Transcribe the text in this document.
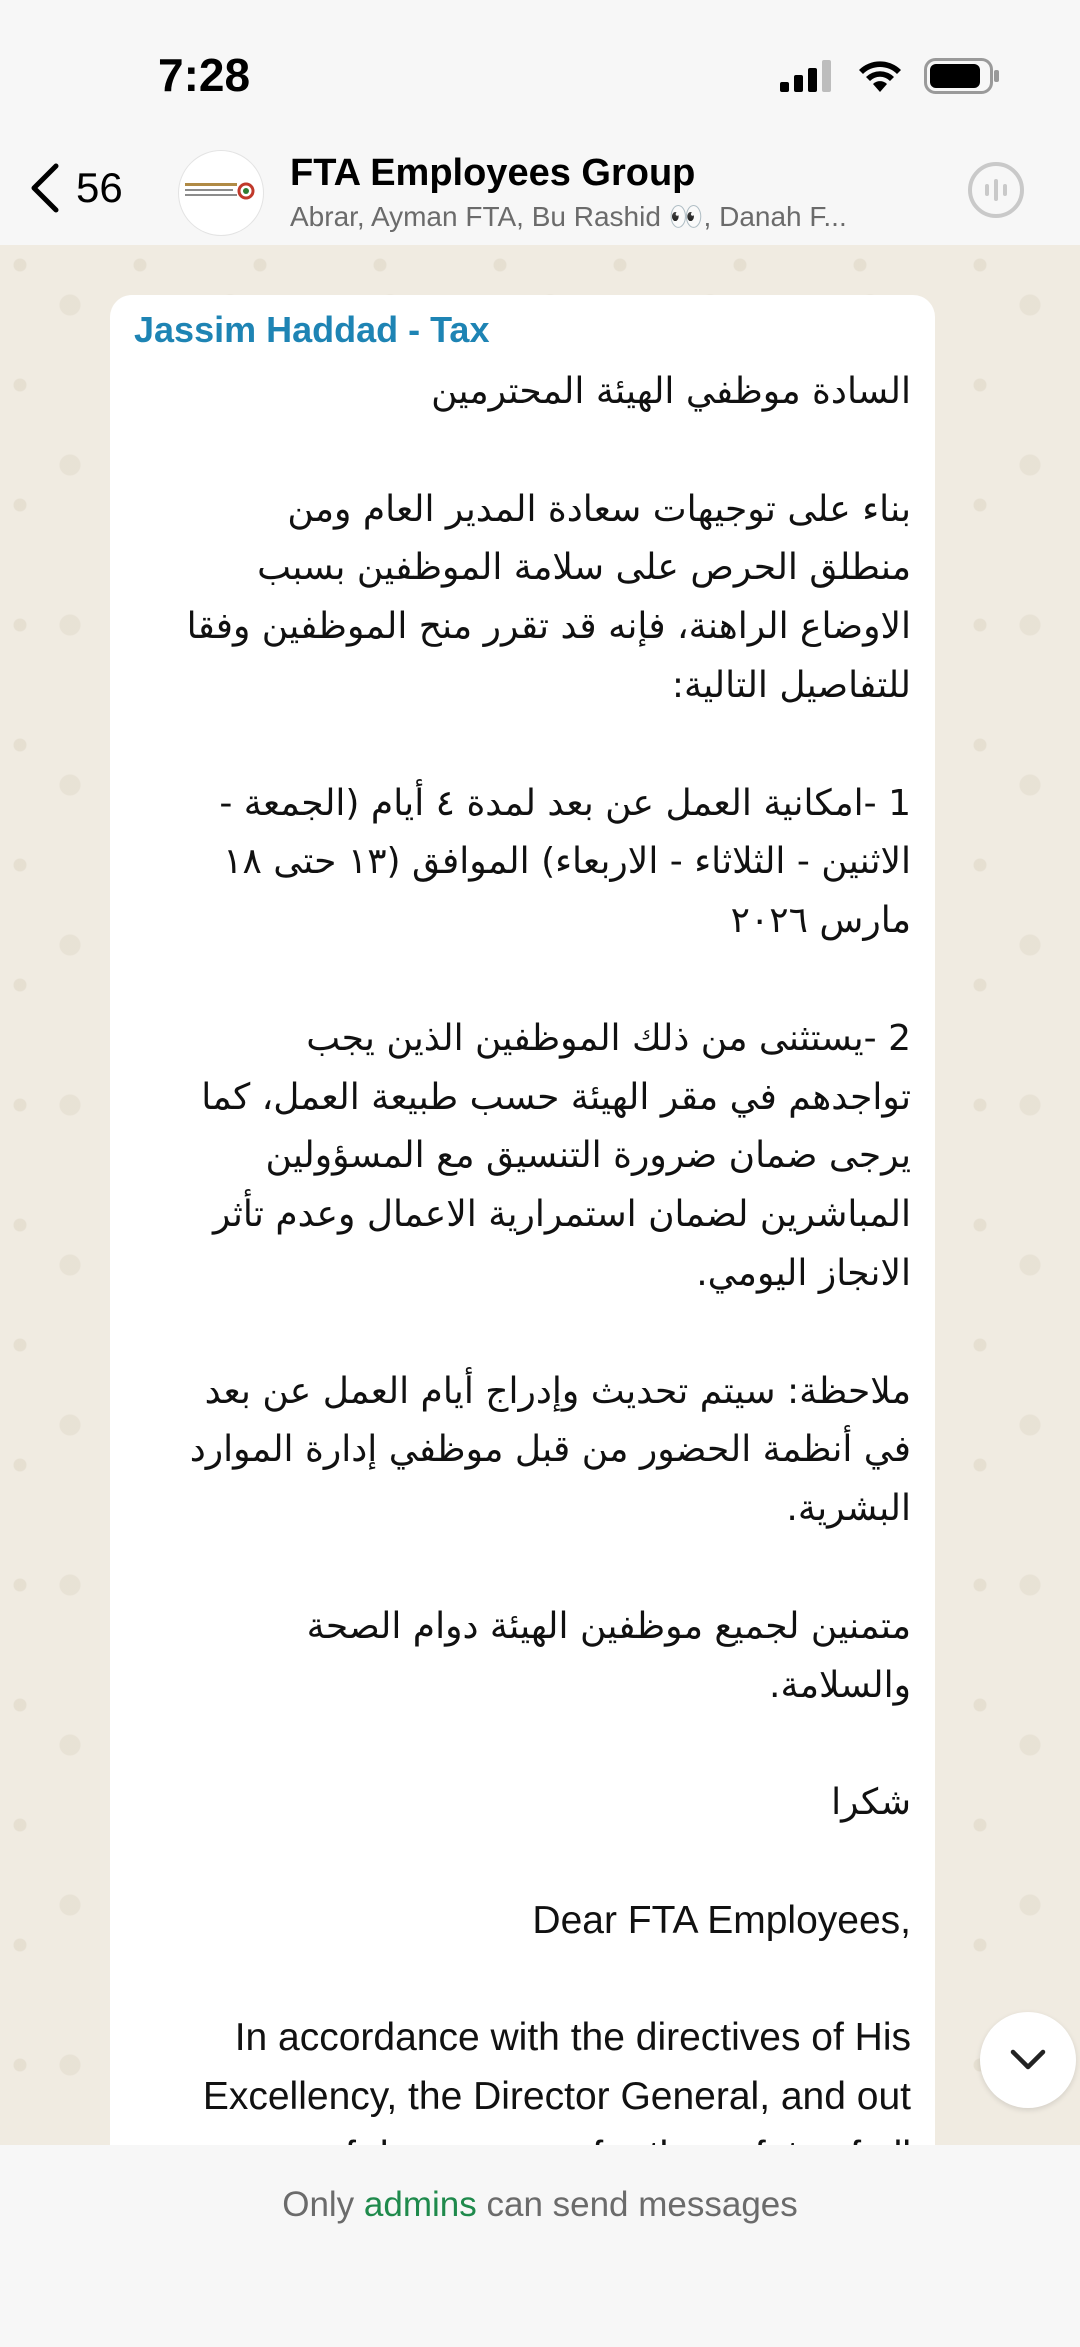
7:28
56	FTA Employees Group
Abrar, Ayman FTA, Bu Rashid 👀, Danah F...
Jassim Haddad - Tax
السادة موظفي الهيئة المحترمين
بناء على توجيهات سعادة المدير العام ومن
منطلق الحرص على سلامة الموظفين بسبب
الاوضاع الراهنة، فإنه قد تقرر منح الموظفين وفقا
للتفاصيل التالية:
1 -امكانية العمل عن بعد لمدة ٤ أيام (الجمعة -
الاثنين - الثلاثاء - الاربعاء) الموافق (١٣ حتى ١٨
مارس ٢٠٢٦
2 -يستثنى من ذلك الموظفين الذين يجب
تواجدهم في مقر الهيئة حسب طبيعة العمل، كما
يرجى ضمان ضرورة التنسيق مع المسؤولين
المباشرين لضمان استمرارية الاعمال وعدم تأثر
الانجاز اليومي.
ملاحظة: سيتم تحديث وإدراج أيام العمل عن بعد
في أنظمة الحضور من قبل موظفي إدارة الموارد
البشرية.
متمنين لجميع موظفين الهيئة دوام الصحة
والسلامة.
شكرا
Dear FTA Employees,
In accordance with the directives of His
Excellency, the Director General, and out
Only admins can send messages
